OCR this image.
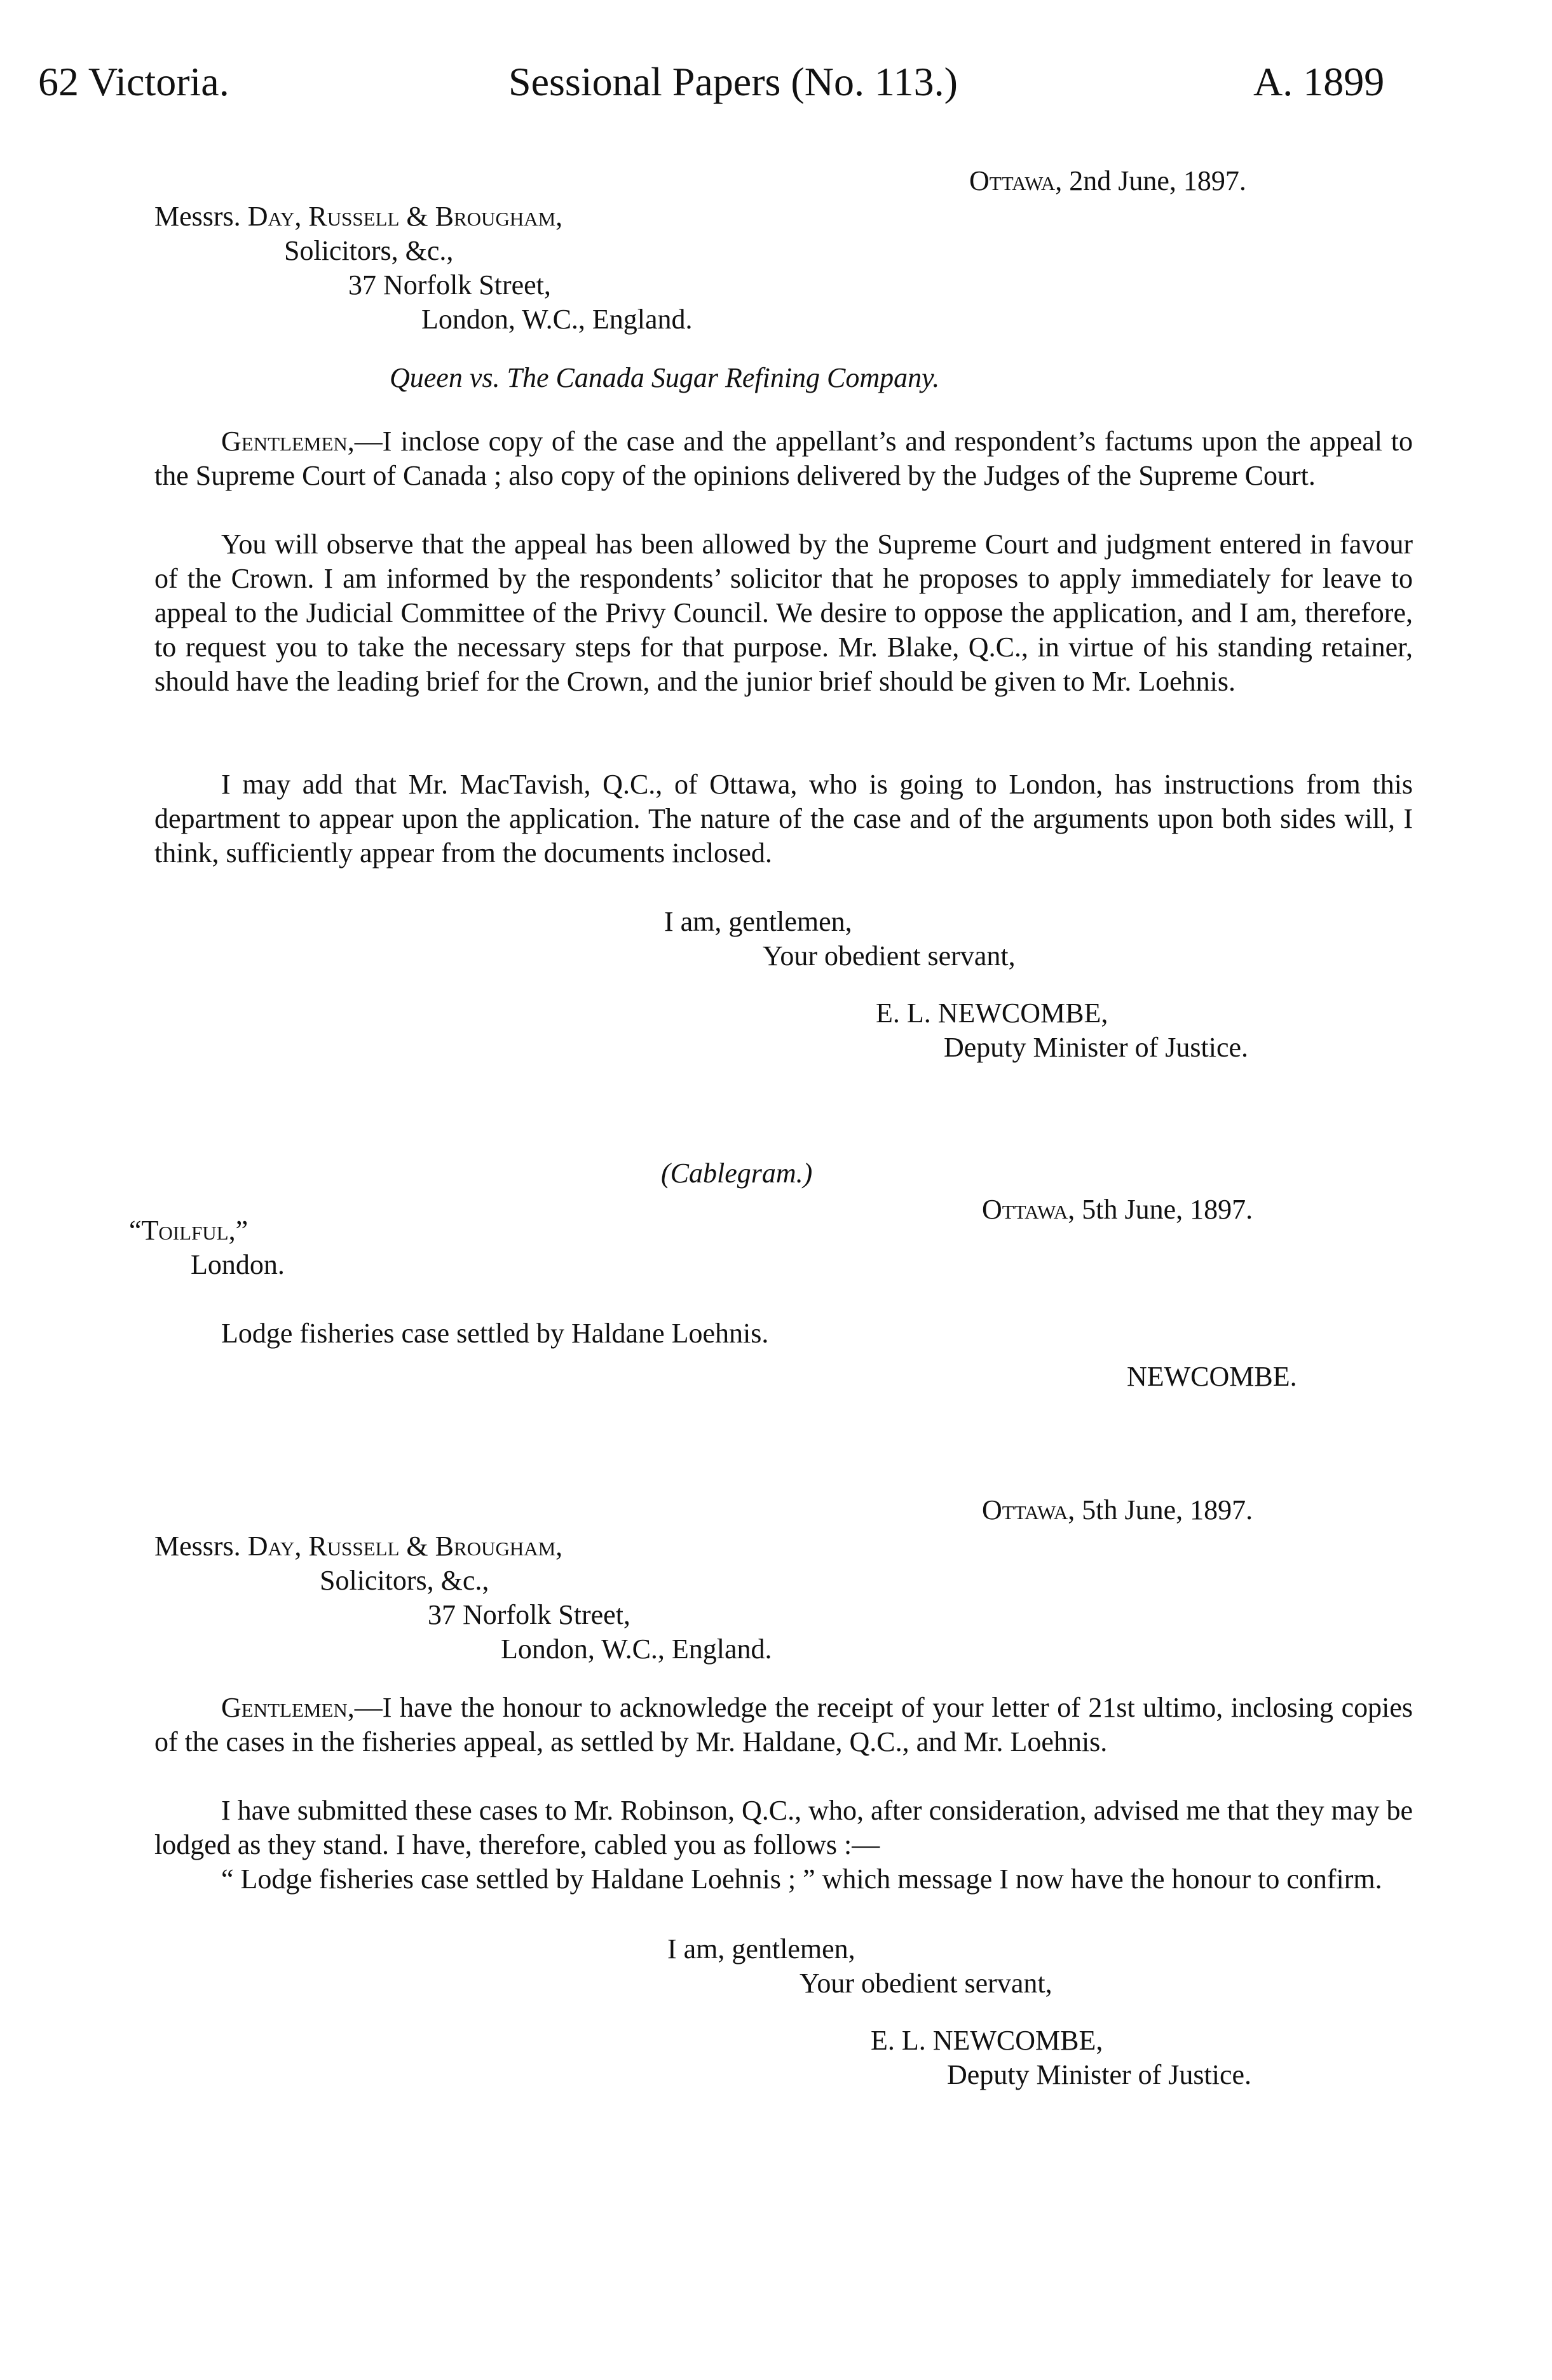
62 Victoria.	Sessional Papers (No. 113.)	A. 1899
Ottawa, 2nd June, 1897.
Messrs. Day, Russell & Brougham,
Solicitors, &c.,
37 Norfolk Street,
London, W.C., England.
Queen vs. The Canada Sugar Refining Company.

Gentlemen,—I inclose copy of the case and the appellant’s and respondent’s factums upon the appeal to the Supreme Court of Canada ; also copy of the opinions delivered by the Judges of the Supreme Court.

You will observe that the appeal has been allowed by the Supreme Court and judgment entered in favour of the Crown. I am informed by the respondents’ solicitor that he proposes to apply immediately for leave to appeal to the Judicial Committee of the Privy Council. We desire to oppose the application, and I am, therefore, to request you to take the necessary steps for that purpose. Mr. Blake, Q.C., in virtue of his standing retainer, should have the leading brief for the Crown, and the junior brief should be given to Mr. Loehnis.

I may add that Mr. MacTavish, Q.C., of Ottawa, who is going to London, has instructions from this department to appear upon the application. The nature of the case and of the arguments upon both sides will, I think, sufficiently appear from the documents inclosed.

I am, gentlemen,
Your obedient servant,
E. L. NEWCOMBE,
Deputy Minister of Justice.
(Cablegram.)
Ottawa, 5th June, 1897.
“Toilful,”
London.
Lodge fisheries case settled by Haldane Loehnis.
NEWCOMBE.
Ottawa, 5th June, 1897.
Messrs. Day, Russell & Brougham,
Solicitors, &c.,
37 Norfolk Street,
London, W.C., England.

Gentlemen,—I have the honour to acknowledge the receipt of your letter of 21st ultimo, inclosing copies of the cases in the fisheries appeal, as settled by Mr. Haldane, Q.C., and Mr. Loehnis.

I have submitted these cases to Mr. Robinson, Q.C., who, after consideration, advised me that they may be lodged as they stand. I have, therefore, cabled you as follows :—

“ Lodge fisheries case settled by Haldane Loehnis ; ” which message I now have the honour to confirm.

I am, gentlemen,
Your obedient servant,
E. L. NEWCOMBE,
Deputy Minister of Justice.
